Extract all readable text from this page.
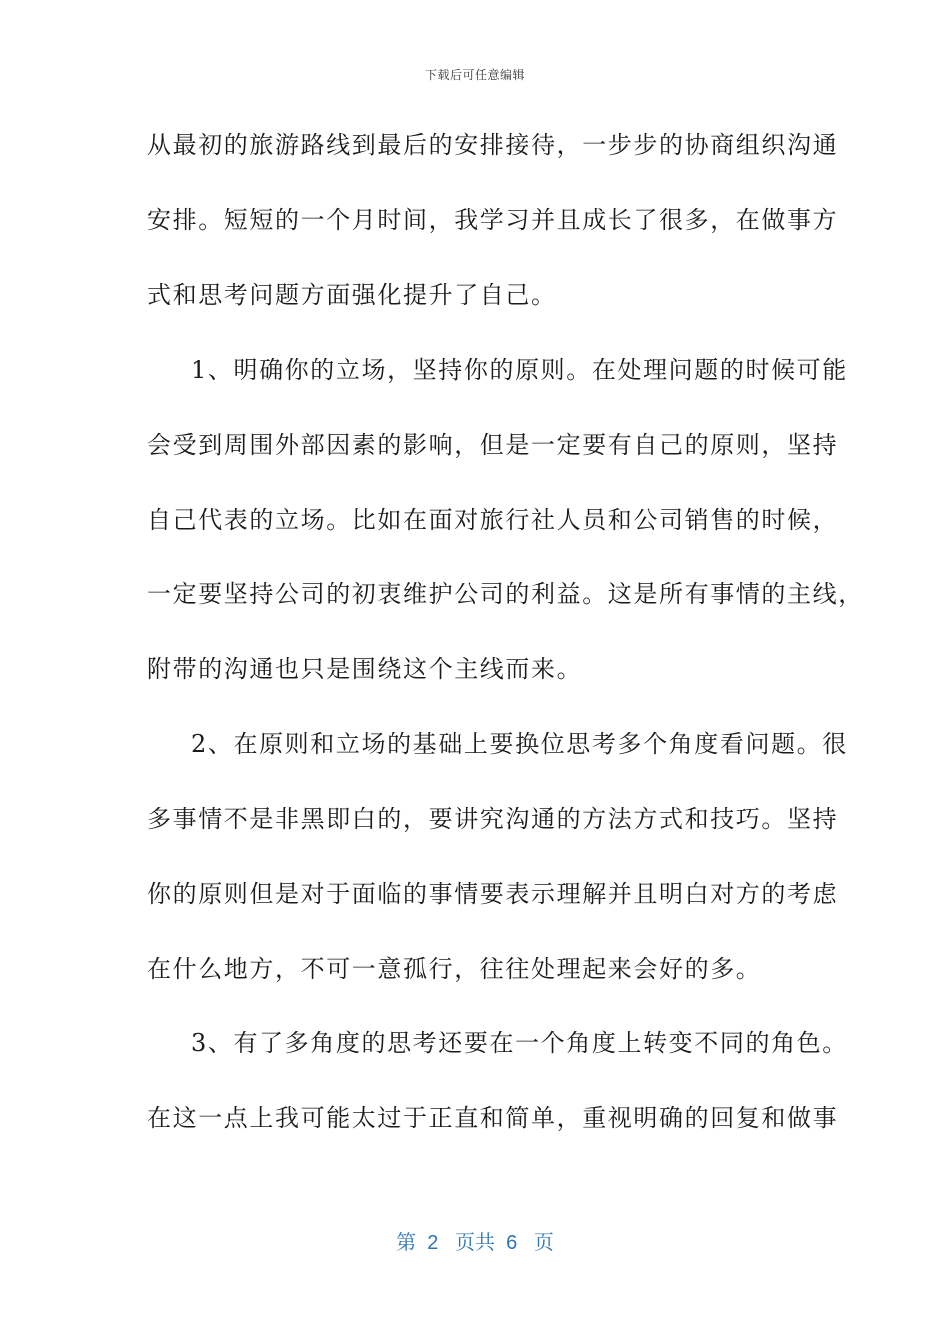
下载后可任意编辑
从最初的旅游路线到最后的安排接待，一步步的协商组织沟通
安排。短短的一个月时间，我学习并且成长了很多，在做事方
式和思考问题方面强化提升了自己。
1、明确你的立场，坚持你的原则。在处理问题的时候可能
会受到周围外部因素的影响，但是一定要有自己的原则，坚持
自己代表的立场。比如在面对旅行社人员和公司销售的时候，
一定要坚持公司的初衷维护公司的利益。这是所有事情的主线，
附带的沟通也只是围绕这个主线而来。
2、在原则和立场的基础上要换位思考多个角度看问题。很
多事情不是非黑即白的，要讲究沟通的方法方式和技巧。坚持
你的原则但是对于面临的事情要表示理解并且明白对方的考虑
在什么地方，不可一意孤行，往往处理起来会好的多。
3、有了多角度的思考还要在一个角度上转变不同的角色。
在这一点上我可能太过于正直和简单，重视明确的回复和做事
第  2   页共  6   页
